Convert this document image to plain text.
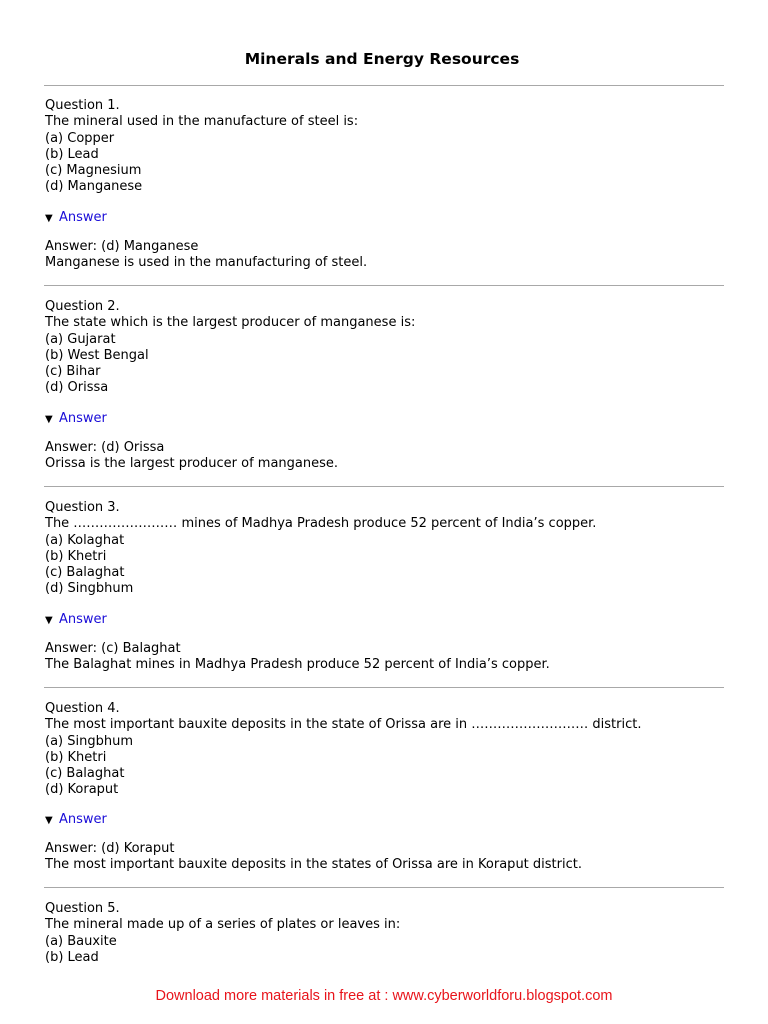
Minerals and Energy Resources
Question 1.
The mineral used in the manufacture of steel is:
(a) Copper
(b) Lead
(c) Magnesium
(d) Manganese
▼ Answer
Answer: (d) Manganese
Manganese is used in the manufacturing of steel.
Question 2.
The state which is the largest producer of manganese is:
(a) Gujarat
(b) West Bengal
(c) Bihar
(d) Orissa
▼ Answer
Answer: (d) Orissa
Orissa is the largest producer of manganese.
Question 3.
The …………………… mines of Madhya Pradesh produce 52 percent of India’s copper.
(a) Kolaghat
(b) Khetri
(c) Balaghat
(d) Singbhum
▼ Answer
Answer: (c) Balaghat
The Balaghat mines in Madhya Pradesh produce 52 percent of India’s copper.
Question 4.
The most important bauxite deposits in the state of Orissa are in ……………………… district.
(a) Singbhum
(b) Khetri
(c) Balaghat
(d) Koraput
▼ Answer
Answer: (d) Koraput
The most important bauxite deposits in the states of Orissa are in Koraput district.
Question 5.
The mineral made up of a series of plates or leaves in:
(a) Bauxite
(b) Lead
Download more materials in free at : www.cyberworldforu.blogspot.com
